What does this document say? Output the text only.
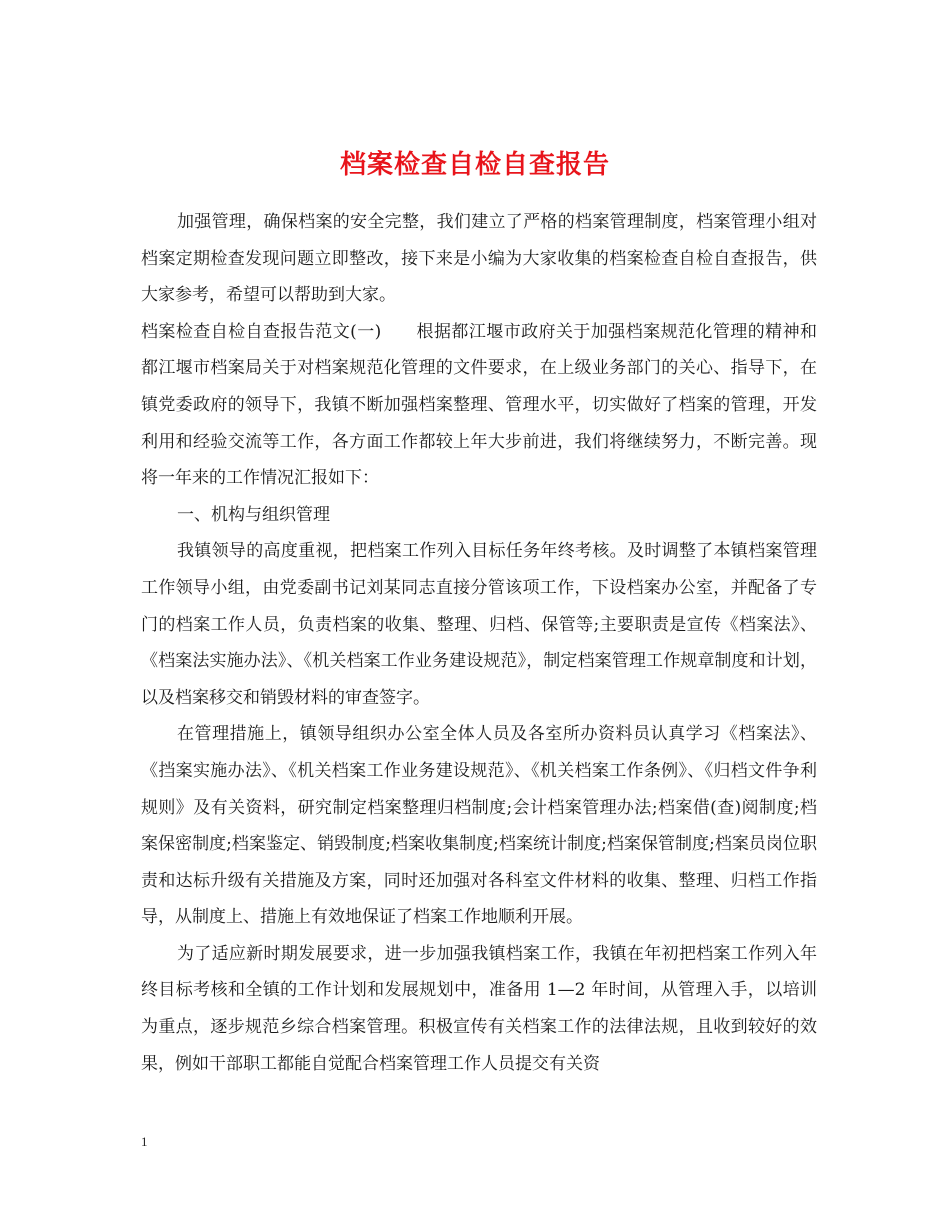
档案检查自检自查报告

加强管理，确保档案的安全完整，我们建立了严格的档案管理制度，档案管理小组对档案定期检查发现问题立即整改，接下来是小编为大家收集的档案检查自检自查报告，供大家参考，希望可以帮助到大家。

档案检查自检自查报告范文(一)　　根据都江堰市政府关于加强档案规范化管理的精神和都江堰市档案局关于对档案规范化管理的文件要求，在上级业务部门的关心、指导下，在镇党委政府的领导下，我镇不断加强档案整理、管理水平，切实做好了档案的管理，开发利用和经验交流等工作，各方面工作都较上年大步前进，我们将继续努力，不断完善。现将一年来的工作情况汇报如下：

一、机构与组织管理

我镇领导的高度重视，把档案工作列入目标任务年终考核。及时调整了本镇档案管理工作领导小组，由党委副书记刘某同志直接分管该项工作，下设档案办公室，并配备了专门的档案工作人员，负责档案的收集、整理、归档、保管等;主要职责是宣传《档案法》、《档案法实施办法》、《机关档案工作业务建设规范》，制定档案管理工作规章制度和计划，以及档案移交和销毁材料的审查签字。

在管理措施上，镇领导组织办公室全体人员及各室所办资料员认真学习《档案法》、《挡案实施办法》、《机关档案工作业务建设规范》、《机关档案工作条例》、《归档文件争利规则》及有关资料，研究制定档案整理归档制度;会计档案管理办法;档案借(查)阅制度;档案保密制度;档案鉴定、销毁制度;档案收集制度;档案统计制度;档案保管制度;档案员岗位职责和达标升级有关措施及方案，同时还加强对各科室文件材料的收集、整理、归档工作指导，从制度上、措施上有效地保证了档案工作地顺利开展。

为了适应新时期发展要求，进一步加强我镇档案工作，我镇在年初把档案工作列入年终目标考核和全镇的工作计划和发展规划中，准备用 1—2 年时间，从管理入手，以培训为重点，逐步规范乡综合档案管理。积极宣传有关档案工作的法律法规，且收到较好的效果，例如干部职工都能自觉配合档案管理工作人员提交有关资

1
